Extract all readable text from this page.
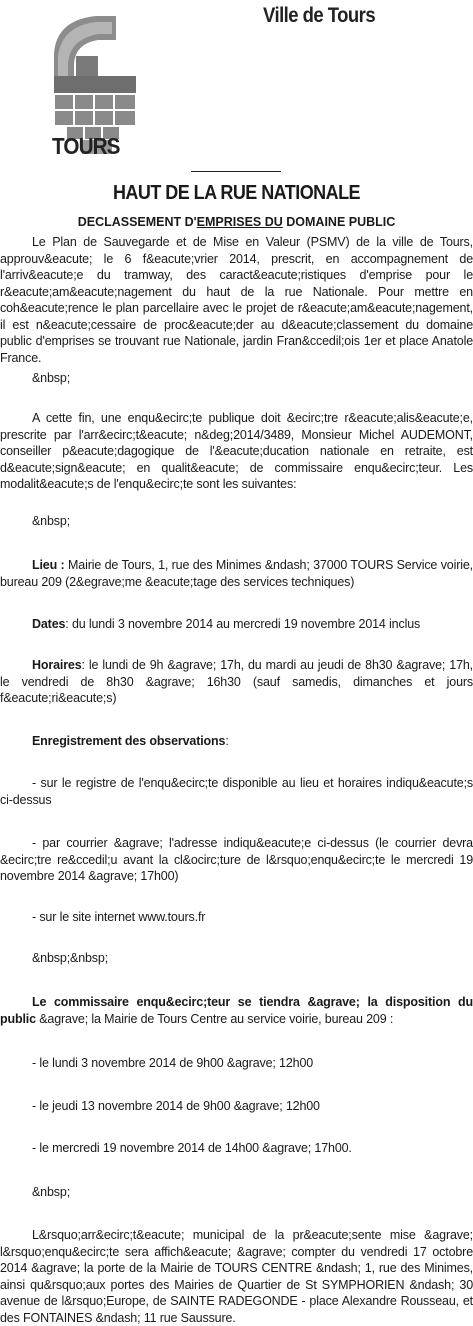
Ville de Tours
TOURS
HAUT DE LA RUE NATIONALE
DECLASSEMENT D'EMPRISES DU DOMAINE PUBLIC

Le Plan de Sauvegarde et de Mise en Valeur (PSMV) de la ville de Tours, approuv&eacute; le 6 f&eacute;vrier 2014, prescrit, en accompagnement de l'arriv&eacute;e du tramway, des caract&eacute;ristiques d'emprise pour le r&eacute;am&eacute;nagement du haut de la rue Nationale. Pour mettre en coh&eacute;rence le plan parcellaire avec le projet de r&eacute;am&eacute;nagement, il est n&eacute;cessaire de proc&eacute;der au d&eacute;classement du domaine public d'emprises se trouvant rue Nationale, jardin Fran&ccedil;ois 1er et place Anatole France.

&nbsp;

A cette fin, une enqu&ecirc;te publique doit &ecirc;tre r&eacute;alis&eacute;e, prescrite par l'arr&ecirc;t&eacute; n&deg;2014/3489, Monsieur Michel AUDEMONT, conseiller p&eacute;dagogique de l'&eacute;ducation nationale en retraite, est d&eacute;sign&eacute; en qualit&eacute; de commissaire enqu&ecirc;teur. Les modalit&eacute;s de l'enqu&ecirc;te sont les suivantes:

&nbsp;

Lieu : Mairie de Tours, 1, rue des Minimes &ndash; 37000 TOURS Service voirie, bureau 209 (2&egrave;me &eacute;tage des services techniques)

Dates: du lundi 3 novembre 2014 au mercredi 19 novembre 2014 inclus

Horaires: le lundi de 9h &agrave; 17h, du mardi au jeudi de 8h30 &agrave; 17h, le vendredi de 8h30 &agrave; 16h30 (sauf samedis, dimanches et jours f&eacute;ri&eacute;s)

Enregistrement des observations:

- sur le registre de l'enqu&ecirc;te disponible au lieu et horaires indiqu&eacute;s ci-dessus

- par courrier &agrave; l'adresse indiqu&eacute;e ci-dessus (le courrier devra &ecirc;tre re&ccedil;u avant la cl&ocirc;ture de l&rsquo;enqu&ecirc;te le mercredi 19 novembre 2014 &agrave; 17h00)

- sur le site internet www.tours.fr

&nbsp;&nbsp;

Le commissaire enqu&ecirc;teur se tiendra &agrave; la disposition du public &agrave; la Mairie de Tours Centre au service voirie, bureau 209 :

- le lundi 3 novembre 2014 de 9h00 &agrave; 12h00

- le jeudi 13 novembre 2014 de 9h00 &agrave; 12h00

- le mercredi 19 novembre 2014 de 14h00 &agrave; 17h00.

&nbsp;

L&rsquo;arr&ecirc;t&eacute; municipal de la pr&eacute;sente mise &agrave; l&rsquo;enqu&ecirc;te sera affich&eacute; &agrave; compter du vendredi 17 octobre 2014 &agrave; la porte de la Mairie de TOURS CENTRE &ndash; 1, rue des Minimes, ainsi qu&rsquo;aux portes des Mairies de Quartier de St SYMPHORIEN &ndash; 30 avenue de l&rsquo;Europe, de SAINTE RADEGONDE - place Alexandre Rousseau, et des FONTAINES &ndash; 11 rue Saussure.
